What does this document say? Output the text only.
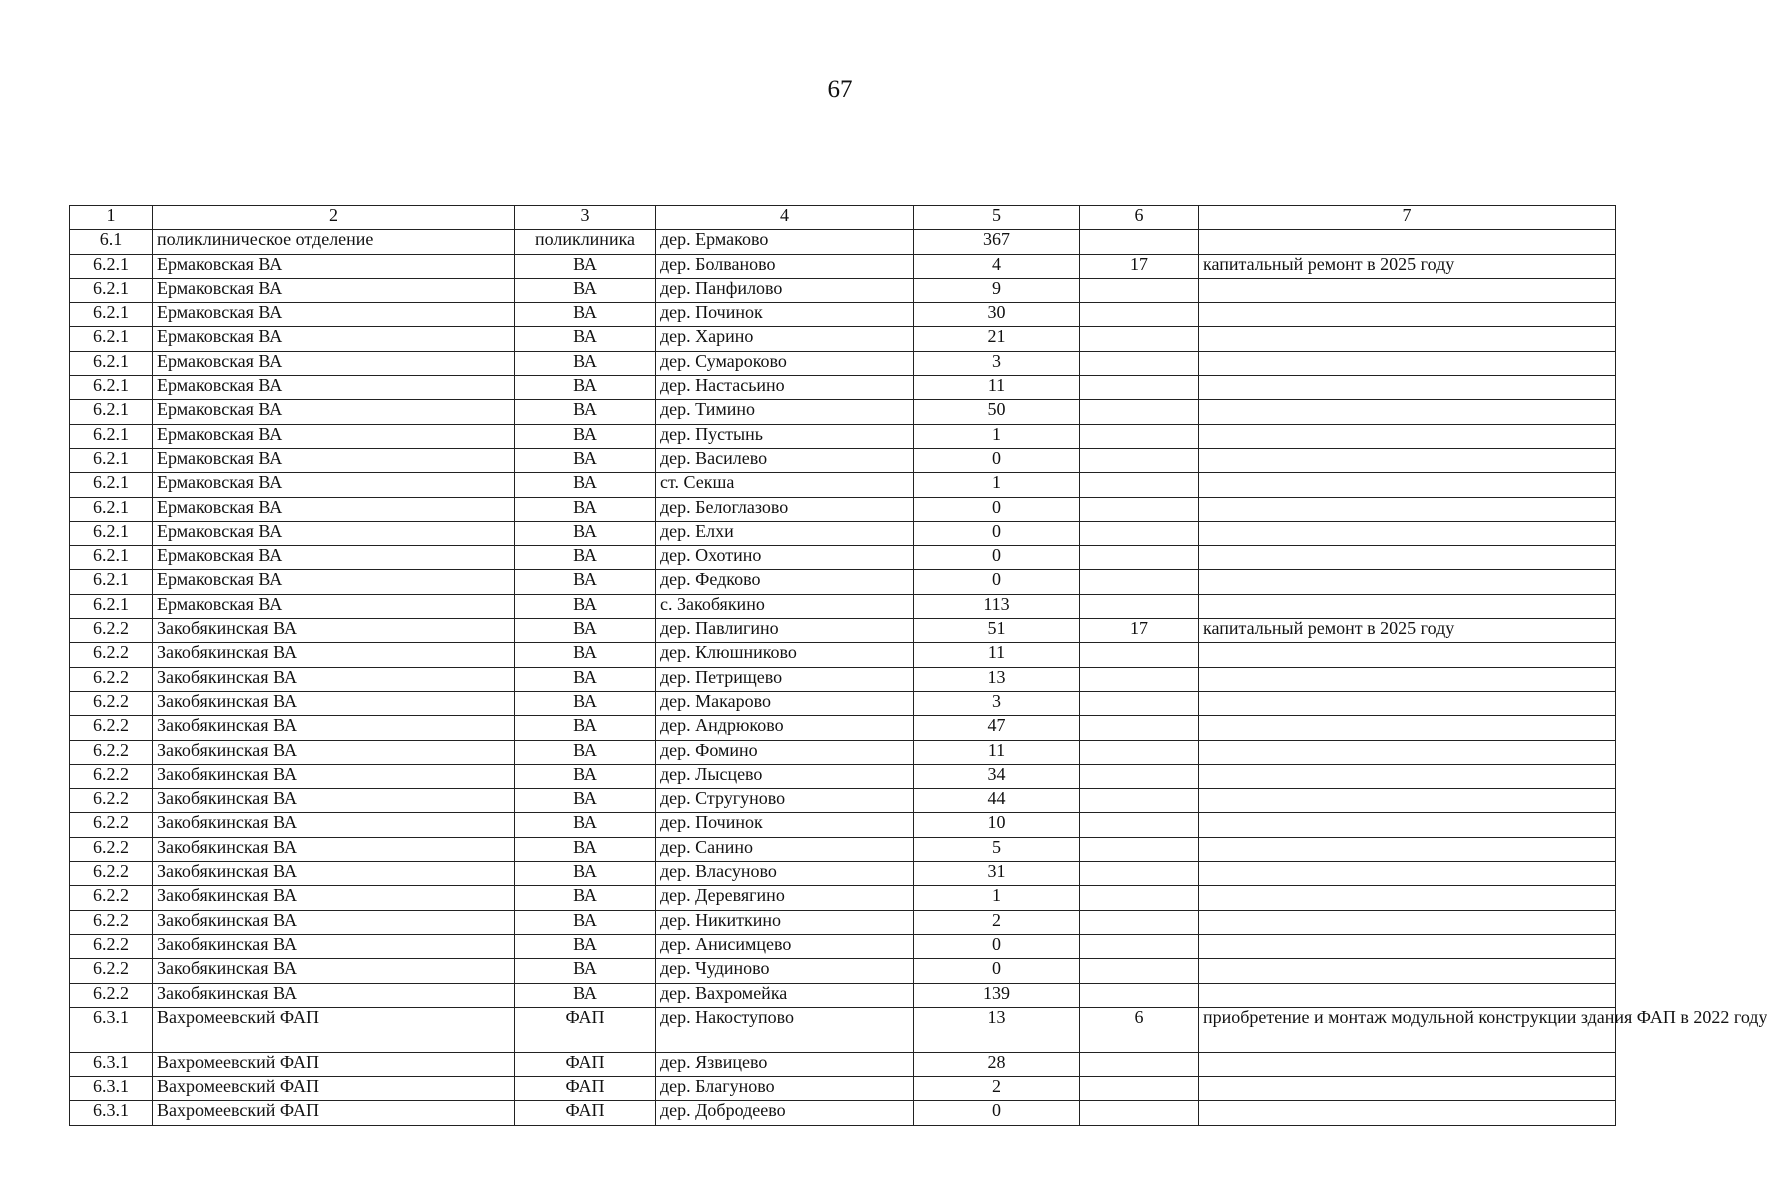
67
1	2	3	4	5	6	7
6.1	поликлиническое отделение	поликлиника	дер. Ермаково	367		
6.2.1	Ермаковская ВА	ВА	дер. Болваново	4	17	капитальный ремонт в 2025 году
6.2.1	Ермаковская ВА	ВА	дер. Панфилово	9		
6.2.1	Ермаковская ВА	ВА	дер. Починок	30		
6.2.1	Ермаковская ВА	ВА	дер. Харино	21		
6.2.1	Ермаковская ВА	ВА	дер. Сумароково	3		
6.2.1	Ермаковская ВА	ВА	дер. Настасьино	11		
6.2.1	Ермаковская ВА	ВА	дер. Тимино	50		
6.2.1	Ермаковская ВА	ВА	дер. Пустынь	1		
6.2.1	Ермаковская ВА	ВА	дер. Василево	0		
6.2.1	Ермаковская ВА	ВА	ст. Секша	1		
6.2.1	Ермаковская ВА	ВА	дер. Белоглазово	0		
6.2.1	Ермаковская ВА	ВА	дер. Елхи	0		
6.2.1	Ермаковская ВА	ВА	дер. Охотино	0		
6.2.1	Ермаковская ВА	ВА	дер. Федково	0		
6.2.1	Ермаковская ВА	ВА	с. Закобякино	113		
6.2.2	Закобякинская ВА	ВА	дер. Павлигино	51	17	капитальный ремонт в 2025 году
6.2.2	Закобякинская ВА	ВА	дер. Клюшниково	11		
6.2.2	Закобякинская ВА	ВА	дер. Петрищево	13		
6.2.2	Закобякинская ВА	ВА	дер. Макарово	3		
6.2.2	Закобякинская ВА	ВА	дер. Андрюково	47		
6.2.2	Закобякинская ВА	ВА	дер. Фомино	11		
6.2.2	Закобякинская ВА	ВА	дер. Лысцево	34		
6.2.2	Закобякинская ВА	ВА	дер. Стругуново	44		
6.2.2	Закобякинская ВА	ВА	дер. Починок	10		
6.2.2	Закобякинская ВА	ВА	дер. Санино	5		
6.2.2	Закобякинская ВА	ВА	дер. Власуново	31		
6.2.2	Закобякинская ВА	ВА	дер. Деревягино	1		
6.2.2	Закобякинская ВА	ВА	дер. Никиткино	2		
6.2.2	Закобякинская ВА	ВА	дер. Анисимцево	0		
6.2.2	Закобякинская ВА	ВА	дер. Чудиново	0		
6.2.2	Закобякинская ВА	ВА	дер. Вахромейка	139		
6.3.1	Вахромеевский ФАП	ФАП	дер. Накоступово	13	6	приобретение и монтаж модульной конструкции здания ФАП в 2022 году
6.3.1	Вахромеевский ФАП	ФАП	дер. Язвицево	28		
6.3.1	Вахромеевский ФАП	ФАП	дер. Благуново	2		
6.3.1	Вахромеевский ФАП	ФАП	дер. Добродеево	0		
